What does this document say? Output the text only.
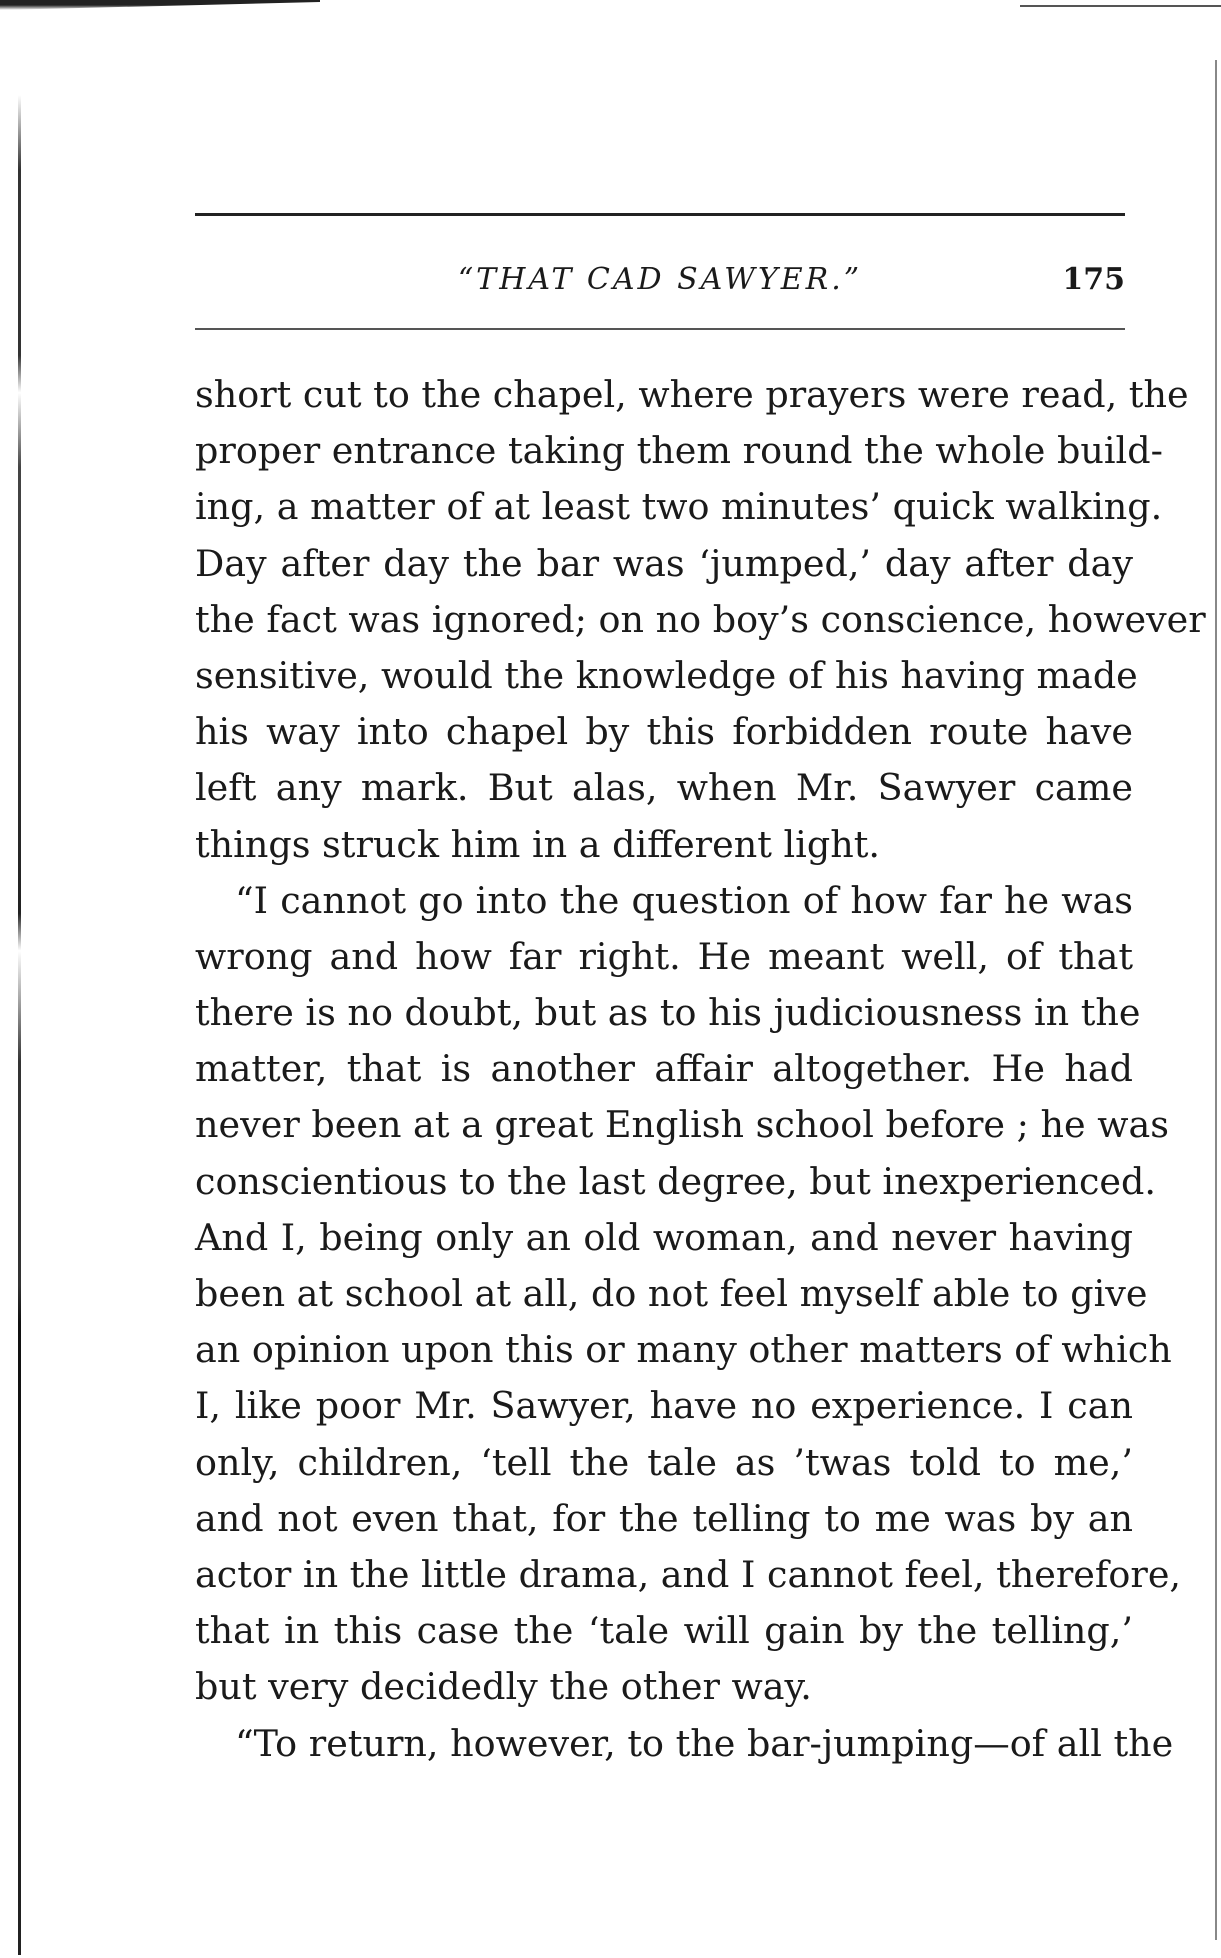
“THAT CAD SAWYER.”	175
short cut to the chapel, where prayers were read, the
proper entrance taking them round the whole build-
ing, a matter of at least two minutes’ quick walking.
Day after day the bar was ‘jumped,’ day after day
the fact was ignored; on no boy’s conscience, however
sensitive, would the knowledge of his having made
his way into chapel by this forbidden route have
left any mark. But alas, when Mr. Sawyer came
things struck him in a different light.
“I cannot go into the question of how far he was
wrong and how far right. He meant well, of that
there is no doubt, but as to his judiciousness in the
matter, that is another affair altogether. He had
never been at a great English school before ; he was
conscientious to the last degree, but inexperienced.
And I, being only an old woman, and never having
been at school at all, do not feel myself able to give
an opinion upon this or many other matters of which
I, like poor Mr. Sawyer, have no experience. I can
only, children, ‘tell the tale as ’twas told to me,’
and not even that, for the telling to me was by an
actor in the little drama, and I cannot feel, therefore,
that in this case the ‘tale will gain by the telling,’
but very decidedly the other way.
“To return, however, to the bar-jumping—of all the
